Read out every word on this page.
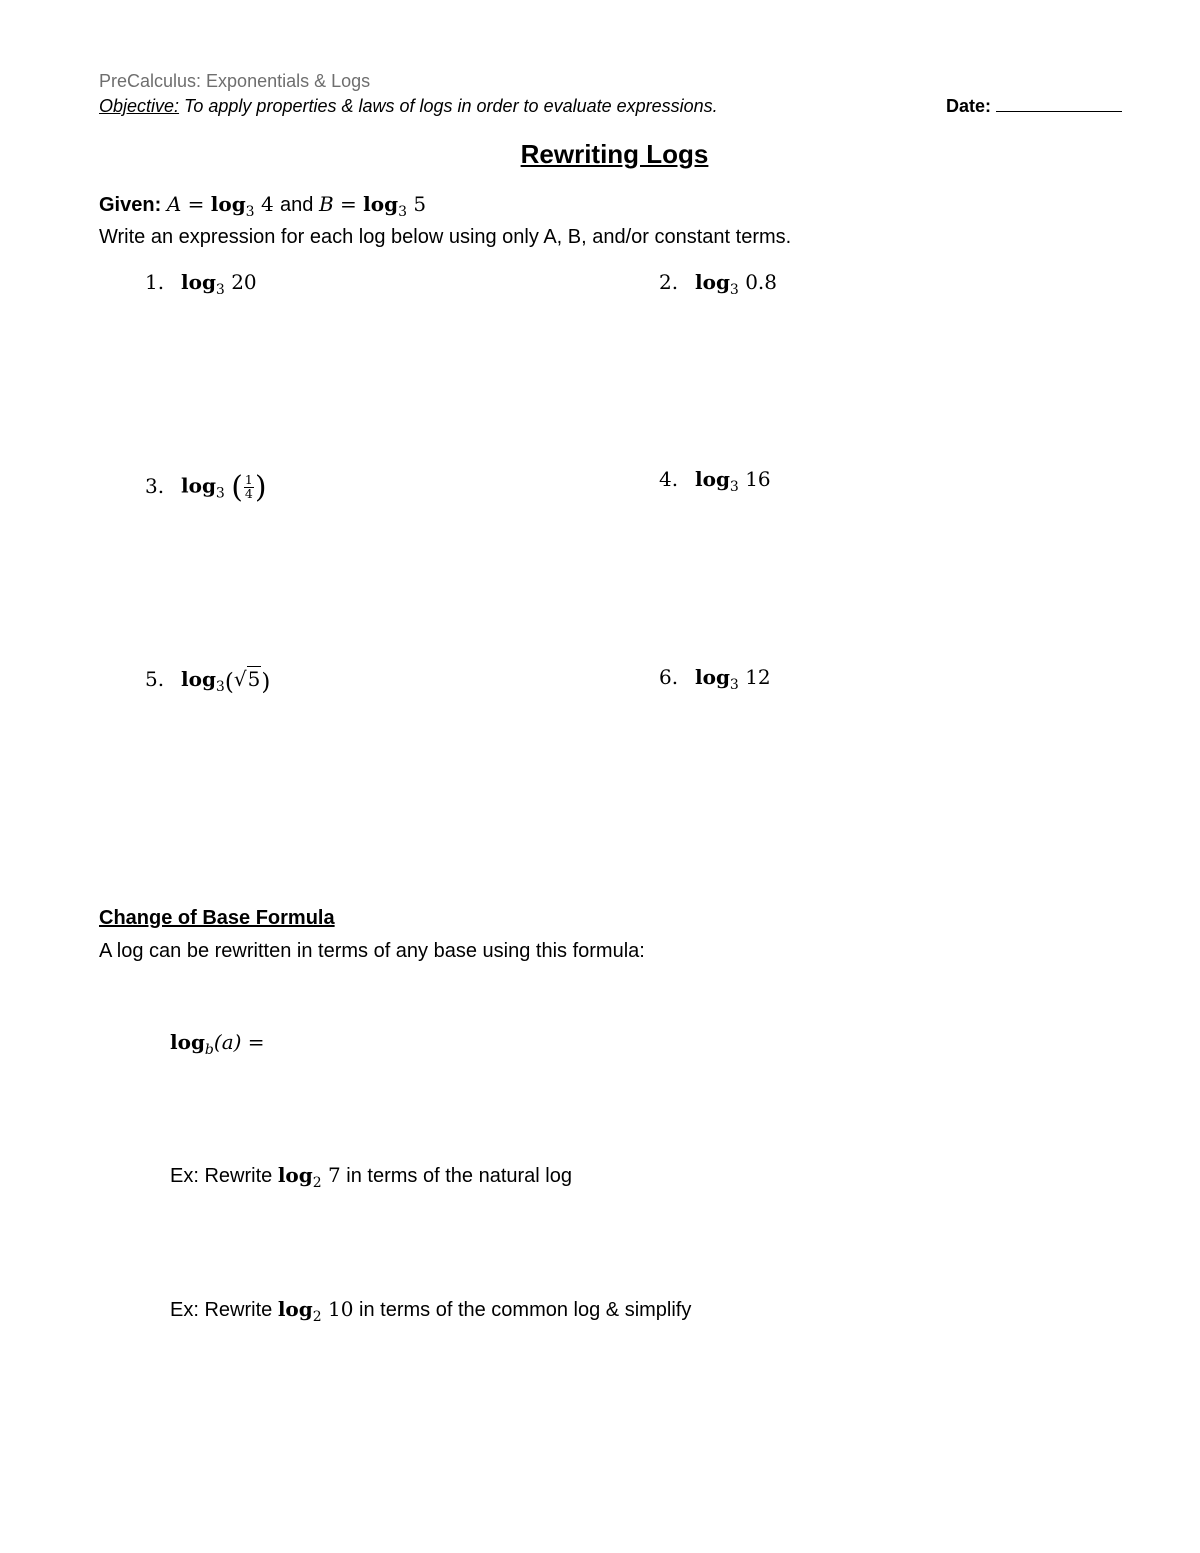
PreCalculus: Exponentials & Logs
Objective: To apply properties & laws of logs in order to evaluate expressions.	Date:
Rewriting Logs
Given: $A = \log_3 4$ and $B = \log_3 5$
Write an expression for each log below using only A, B, and/or constant terms.
1. $\log_3 20$	2. $\log_3 0.8$
3. $\log_3$ ( $\frac{1}{4}$ )	4. $\log_3 16$
5. $\log_3(√5)$	6. $\log_3 12$
Change of Base Formula
A log can be rewritten in terms of any base using this formula:
$\log_b(a)$ =
Ex: Rewrite $\log_2 7$ in terms of the natural log
Ex: Rewrite $\log_2 10$ in terms of the common log & simplify
